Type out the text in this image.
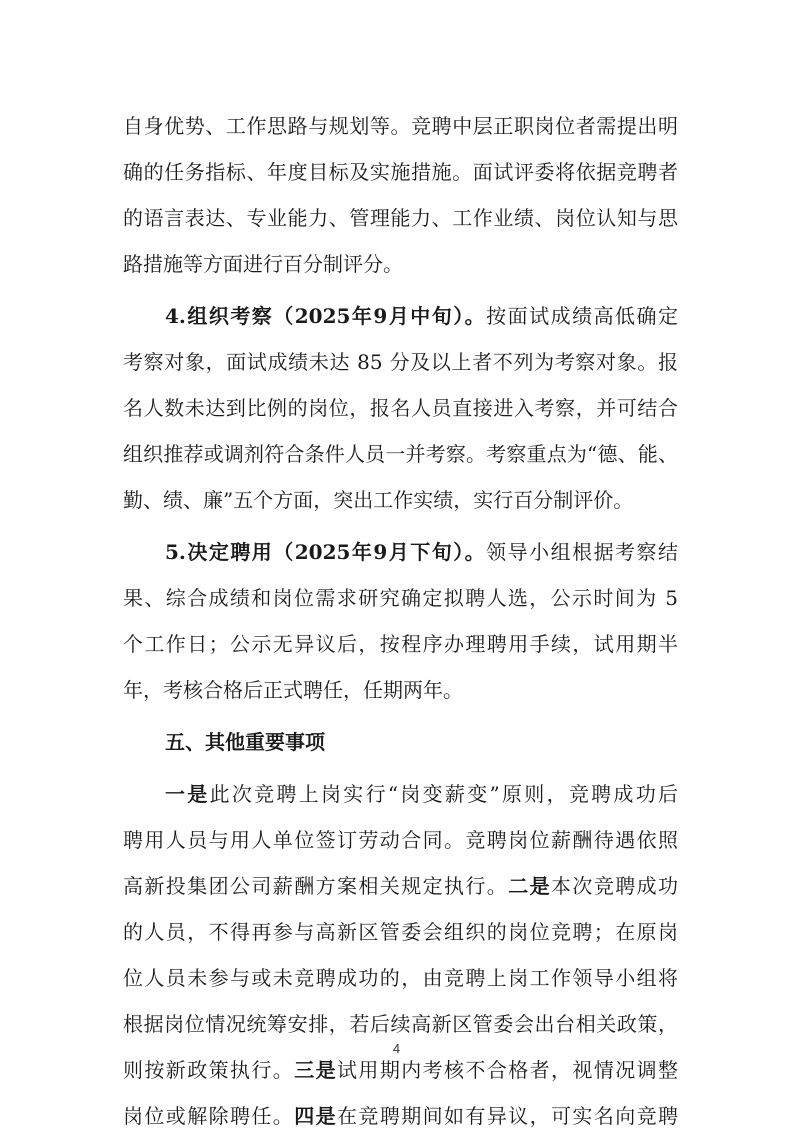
自身优势、工作思路与规划等。竞聘中层正职岗位者需提出明
确的任务指标、年度目标及实施措施。面试评委将依据竞聘者
的语言表达、专业能力、管理能力、工作业绩、岗位认知与思
路措施等方面进行百分制评分。
4.组织考察（2025年9月中旬）。按面试成绩高低确定
考察对象，面试成绩未达 85 分及以上者不列为考察对象。报
名人数未达到比例的岗位，报名人员直接进入考察，并可结合
组织推荐或调剂符合条件人员一并考察。考察重点为“德、能、
勤、绩、廉”五个方面，突出工作实绩，实行百分制评价。
5.决定聘用（2025年9月下旬）。领导小组根据考察结
果、综合成绩和岗位需求研究确定拟聘人选，公示时间为 5
个工作日；公示无异议后，按程序办理聘用手续，试用期半
年，考核合格后正式聘任，任期两年。
五、其他重要事项
一是此次竞聘上岗实行“岗变薪变”原则，竞聘成功后
聘用人员与用人单位签订劳动合同。竞聘岗位薪酬待遇依照
高新投集团公司薪酬方案相关规定执行。二是本次竞聘成功
的人员，不得再参与高新区管委会组织的岗位竞聘；在原岗
位人员未参与或未竞聘成功的，由竞聘上岗工作领导小组将
根据岗位情况统筹安排，若后续高新区管委会出台相关政策，
则按新政策执行。三是试用期内考核不合格者，视情况调整
岗位或解除聘任。四是在竞聘期间如有异议，可实名向竞聘
4
